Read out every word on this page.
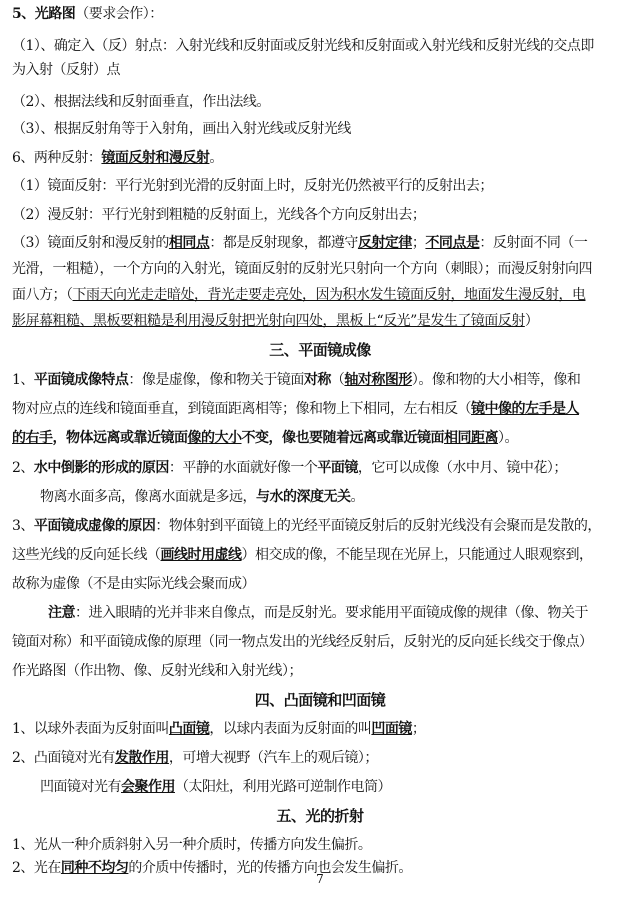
5、光路图（要求会作）：
（1）、确定入（反）射点：入射光线和反射面或反射光线和反射面或入射光线和反射光线的交点即
为入射（反射）点
（2）、根据法线和反射面垂直，作出法线。
（3）、根据反射角等于入射角，画出入射光线或反射光线
6、两种反射：镜面反射和漫反射。
（1）镜面反射：平行光射到光滑的反射面上时，反射光仍然被平行的反射出去；
（2）漫反射：平行光射到粗糙的反射面上，光线各个方向反射出去；
（3）镜面反射和漫反射的相同点：都是反射现象，都遵守反射定律；不同点是：反射面不同（一
光滑，一粗糙），一个方向的入射光，镜面反射的反射光只射向一个方向（刺眼）；而漫反射射向四
面八方；（下雨天向光走走暗处，背光走要走亮处，因为积水发生镜面反射，地面发生漫反射，电
影屏幕粗糙、黑板要粗糙是利用漫反射把光射向四处，黑板上“反光”是发生了镜面反射）
三、平面镜成像
1、平面镜成像特点：像是虚像，像和物关于镜面对称（轴对称图形）。像和物的大小相等，像和
物对应点的连线和镜面垂直，到镜面距离相等；像和物上下相同，左右相反（镜中像的左手是人
的右手，物体远离或靠近镜面像的大小不变，像也要随着远离或靠近镜面相同距离）。
2、水中倒影的形成的原因：平静的水面就好像一个平面镜，它可以成像（水中月、镜中花）；
物离水面多高，像离水面就是多远，与水的深度无关。
3、平面镜成虚像的原因：物体射到平面镜上的光经平面镜反射后的反射光线没有会聚而是发散的，
这些光线的反向延长线（画线时用虚线）相交成的像，不能呈现在光屏上，只能通过人眼观察到，
故称为虚像（不是由实际光线会聚而成）
注意：进入眼睛的光并非来自像点，而是反射光。要求能用平面镜成像的规律（像、物关于
镜面对称）和平面镜成像的原理（同一物点发出的光线经反射后，反射光的反向延长线交于像点）
作光路图（作出物、像、反射光线和入射光线）；
四、凸面镜和凹面镜
1、以球外表面为反射面叫凸面镜，以球内表面为反射面的叫凹面镜；
2、凸面镜对光有发散作用，可增大视野（汽车上的观后镜）；
凹面镜对光有会聚作用（太阳灶，利用光路可逆制作电筒）
五、光的折射
1、光从一种介质斜射入另一种介质时，传播方向发生偏折。
2、光在同种不均匀的介质中传播时，光的传播方向也会发生偏折。
7
